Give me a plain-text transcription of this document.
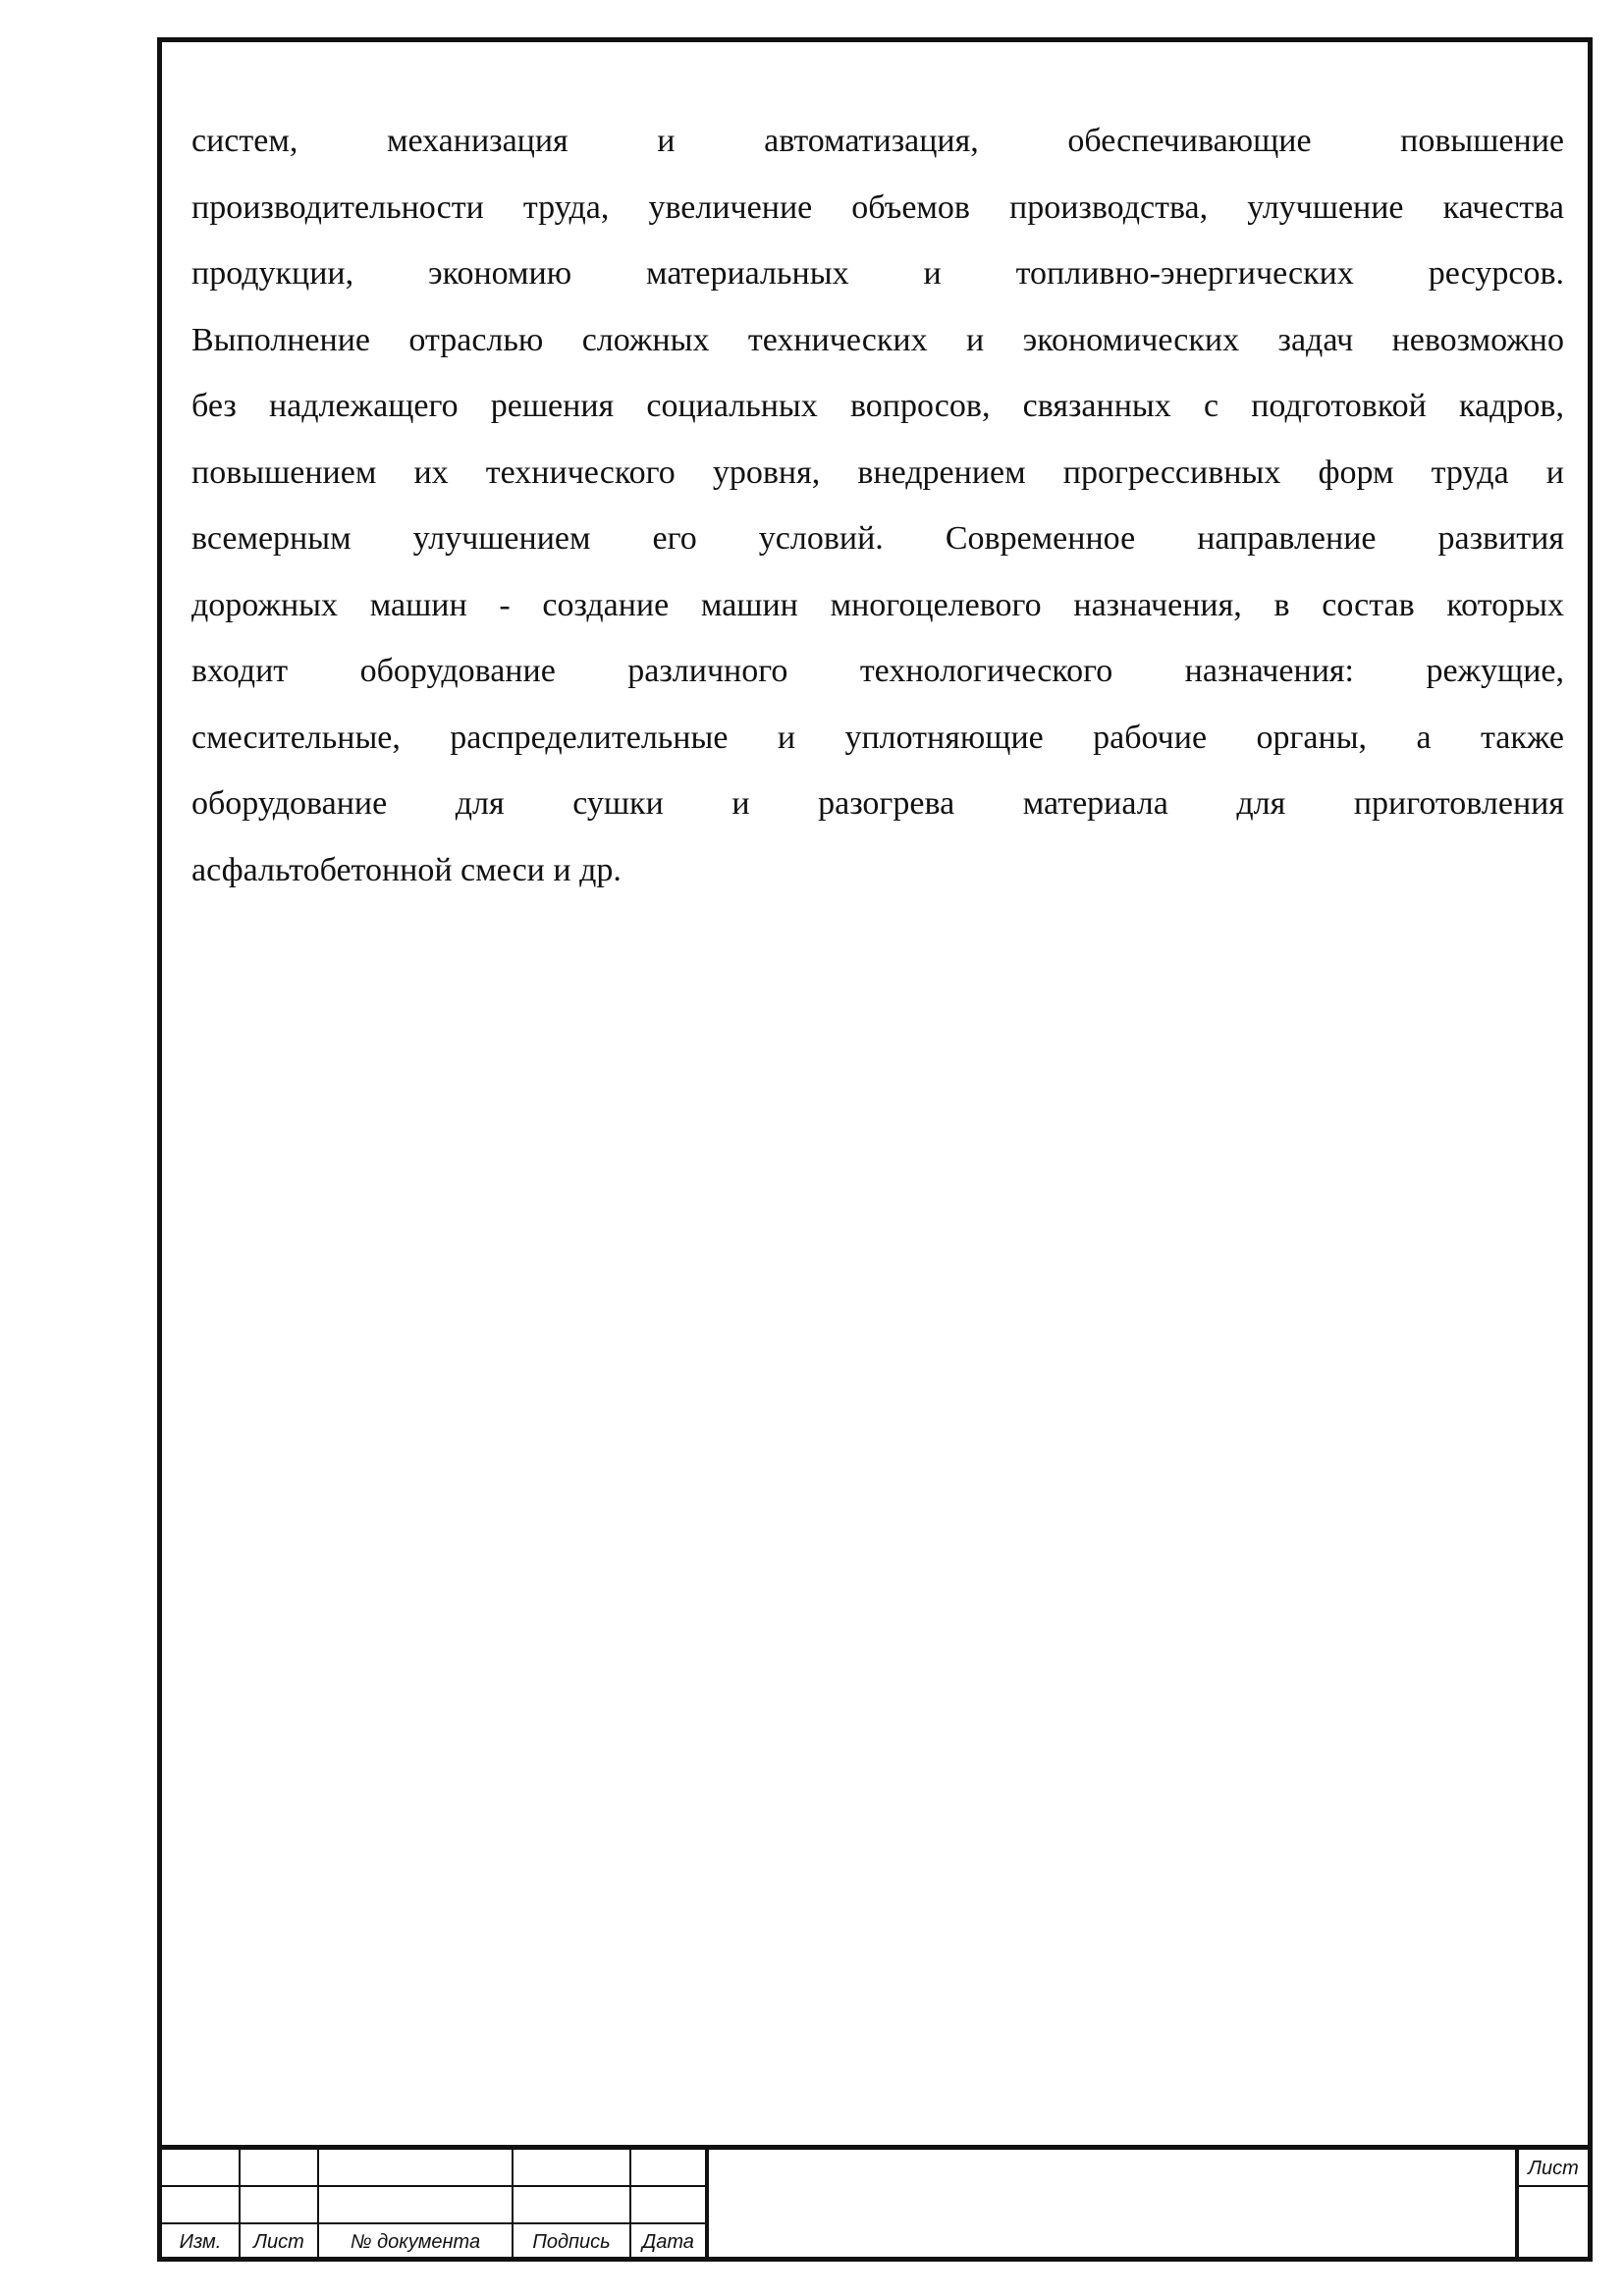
систем, механизация и автоматизация, обеспечивающие повышение
производительности труда, увеличение объемов производства, улучшение качества
продукции, экономию материальных и топливно-энергических ресурсов.
Выполнение отраслью сложных технических и экономических задач невозможно
без надлежащего решения социальных вопросов, связанных с подготовкой кадров,
повышением их технического уровня, внедрением прогрессивных форм труда и
всемерным улучшением его условий. Современное направление развития
дорожных машин - создание машин многоцелевого назначения, в состав которых
входит оборудование различного технологического назначения: режущие,
смесительные, распределительные и уплотняющие рабочие органы, а также
оборудование для сушки и разогрева материала для приготовления
асфальтобетонной смеси и др.
Изм.	Лист	№ документа	Подпись	Дата
Лист
